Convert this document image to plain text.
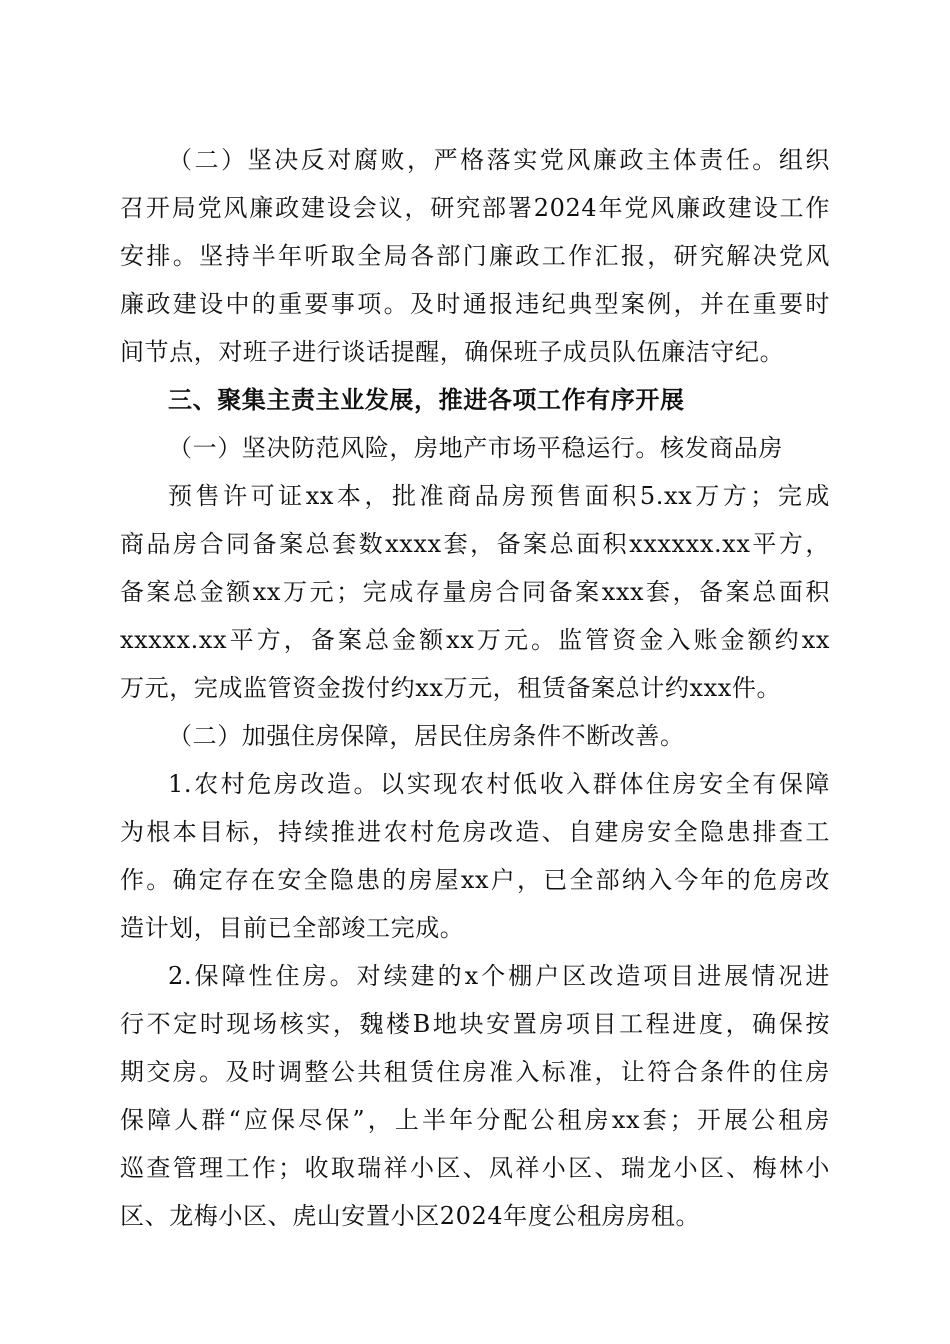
（二）坚决反对腐败，严格落实党风廉政主体责任。组织
召开局党风廉政建设会议，研究部署2024年党风廉政建设工作
安排。坚持半年听取全局各部门廉政工作汇报，研究解决党风
廉政建设中的重要事项。及时通报违纪典型案例，并在重要时
间节点，对班子进行谈话提醒，确保班子成员队伍廉洁守纪。
三、聚集主责主业发展，推进各项工作有序开展
（一）坚决防范风险，房地产市场平稳运行。核发商品房
预售许可证xx本，批准商品房预售面积5.xx万方；完成
商品房合同备案总套数xxxx套，备案总面积xxxxxx.xx平方，
备案总金额xx万元；完成存量房合同备案xxx套，备案总面积
xxxxx.xx平方，备案总金额xx万元。监管资金入账金额约xx
万元，完成监管资金拨付约xx万元，租赁备案总计约xxx件。
（二）加强住房保障，居民住房条件不断改善。
1.农村危房改造。以实现农村低收入群体住房安全有保障
为根本目标，持续推进农村危房改造、自建房安全隐患排查工
作。确定存在安全隐患的房屋xx户，已全部纳入今年的危房改
造计划，目前已全部竣工完成。
2.保障性住房。对续建的x个棚户区改造项目进展情况进
行不定时现场核实，魏楼B地块安置房项目工程进度，确保按
期交房。及时调整公共租赁住房准入标准，让符合条件的住房
保障人群“应保尽保”，上半年分配公租房xx套；开展公租房
巡查管理工作；收取瑞祥小区、凤祥小区、瑞龙小区、梅林小
区、龙梅小区、虎山安置小区2024年度公租房房租。
